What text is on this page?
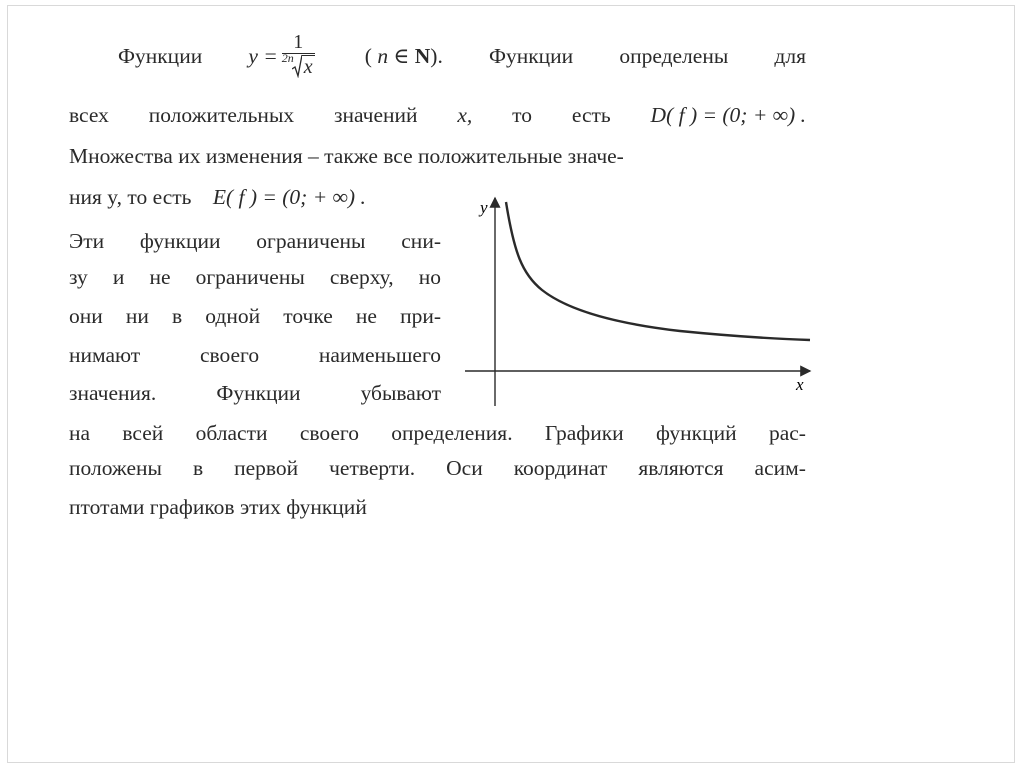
Функции $y = \frac{1}{\text{2n x}}$ ( n ∈ N). Функции определены для
всех положительных значений x, то есть D( f ) = (0; + ∞) .
Множества их изменения – также все положительные значе-
ния y, то есть E( f ) = (0; + ∞) .
Эти функции ограничены сни-
зу и не ограничены сверху, но
они ни в одной точке не при-
нимают	своего	наименьшего
значения.	Функции	убывают
на всей области своего определения. Графики функций рас-
положены в первой четверти. Оси координат являются асим-
птотами графиков этих функций
y
x
